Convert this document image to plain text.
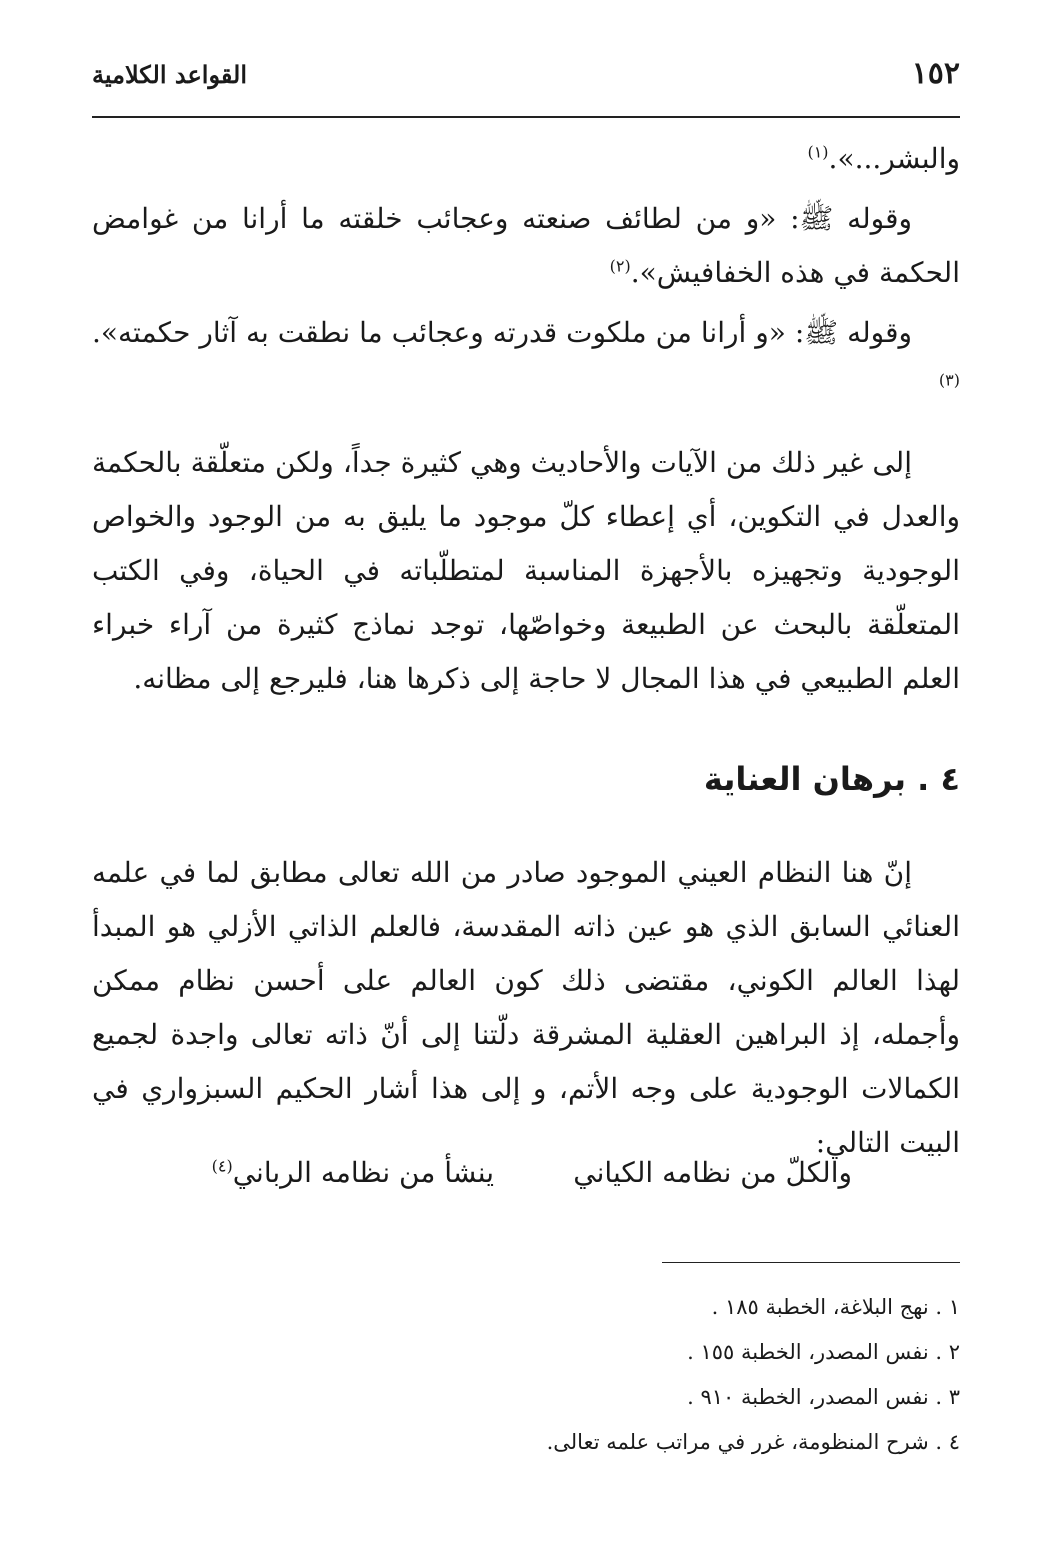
١٥٢
القواعد الكلامية

والبشر...».$^{(١)}$

وقوله ﷺ: «و من لطائف صنعته وعجائب خلقته ما أرانا من غوامض الحكمة في هذه الخفافيش».$^{(٢)}$

وقوله ﷺ: «و أرانا من ملكوت قدرته وعجائب ما نطقت به آثار حكمته».$^{(٣)}$

إلى غير ذلك من الآيات والأحاديث وهي كثيرة جداً، ولكن متعلّقة بالحكمة والعدل في التكوين، أي إعطاء كلّ موجود ما يليق به من الوجود والخواص الوجودية وتجهيزه بالأجهزة المناسبة لمتطلّباته في الحياة، وفي الكتب المتعلّقة بالبحث عن الطبيعة وخواصّها، توجد نماذج كثيرة من آراء خبراء العلم الطبيعي في هذا المجال لا حاجة إلى ذكرها هنا، فليرجع إلى مظانه.

٤ . برهان العناية

إنّ هنا النظام العيني الموجود صادر من الله تعالى مطابق لما في علمه العنائي السابق الذي هو عين ذاته المقدسة، فالعلم الذاتي الأزلي هو المبدأ لهذا العالم الكوني، مقتضى ذلك كون العالم على أحسن نظام ممكن وأجمله، إذ البراهين العقلية المشرقة دلّتنا إلى أنّ ذاته تعالى واجدة لجميع الكمالات الوجودية على وجه الأتم، و إلى هذا أشار الحكيم السبزواري في البيت التالي:

والكلّ من نظامه الكياني
ينشأ من نظامه الرباني$^{(٤)}$
١ . نهج البلاغة، الخطبة ١٨٥ .
٢ . نفس المصدر، الخطبة ١٥٥ .
٣ . نفس المصدر، الخطبة ٩١٠ .
٤ . شرح المنظومة، غرر في مراتب علمه تعالى.
